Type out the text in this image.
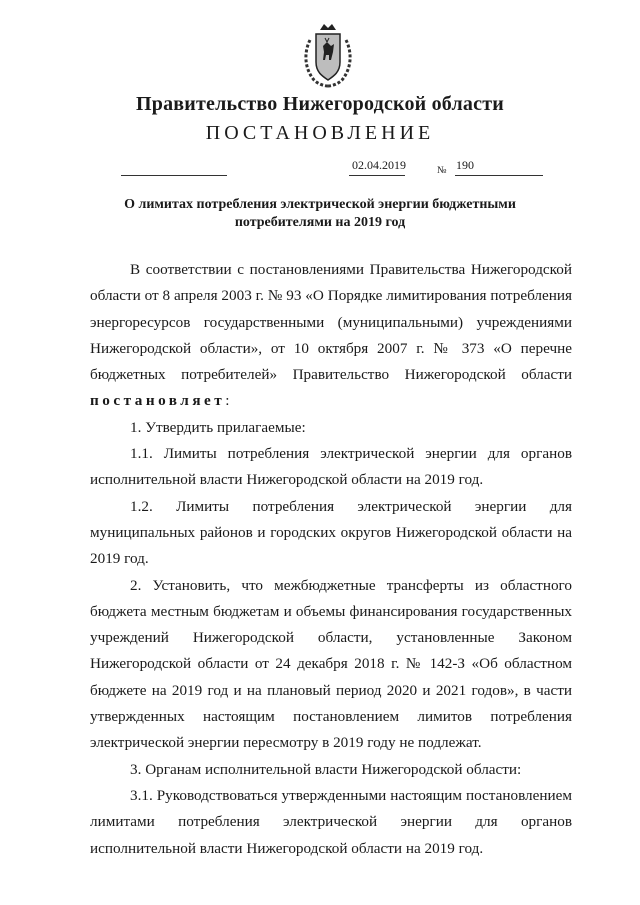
Правительство Нижегородской области
ПОСТАНОВЛЕНИЕ
02.04.2019	№ 190
О лимитах потребления электрической энергии бюджетными
потребителями на 2019 год

В соответствии с постановлениями Правительства Нижегородской области от 8 апреля 2003 г. № 93 «О Порядке лимитирования потребления энергоресурсов государственными (муниципальными) учреждениями Нижегородской области», от 10 октября 2007 г. № 373 «О перечне бюджетных потребителей» Правительство Нижегородской области постановляет:

1. Утвердить прилагаемые:

1.1. Лимиты потребления электрической энергии для органов исполнительной власти Нижегородской области на 2019 год.

1.2. Лимиты потребления электрической энергии для муниципальных районов и городских округов Нижегородской области на 2019 год.

2. Установить, что межбюджетные трансферты из областного бюджета местным бюджетам и объемы финансирования государственных учреждений Нижегородской области, установленные Законом Нижегородской области от 24 декабря 2018 г. № 142-З «Об областном бюджете на 2019 год и на плановый период 2020 и 2021 годов», в части утвержденных настоящим постановлением лимитов потребления электрической энергии пересмотру в 2019 году не подлежат.

3. Органам исполнительной власти Нижегородской области:

3.1. Руководствоваться утвержденными настоящим постановлением лимитами потребления электрической энергии для органов исполнительной власти Нижегородской области на 2019 год.
